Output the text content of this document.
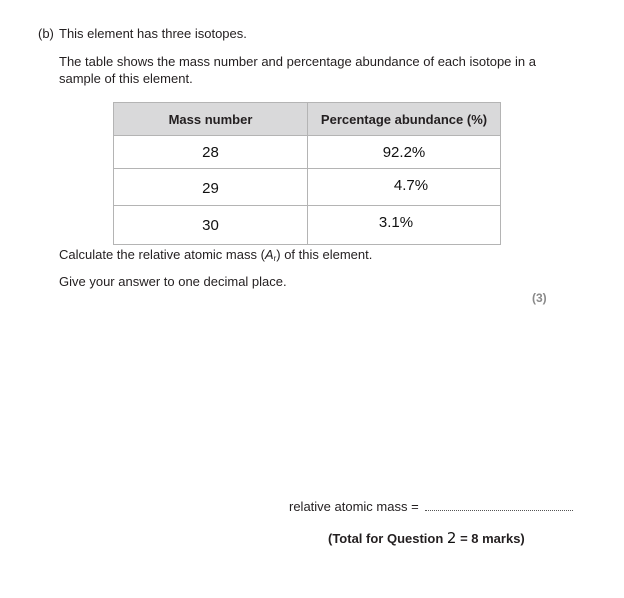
(b) This element has three isotopes.
The table shows the mass number and percentage abundance of each isotope in a sample of this element.
Mass number	Percentage abundance (%)
28	92.2%
29	4.7%
30	3.1%
Calculate the relative atomic mass $(A_r)$ of this element.
Give your answer to one decimal place.
(3)
relative atomic mass =
(Total for Question 2 = 8 marks)
